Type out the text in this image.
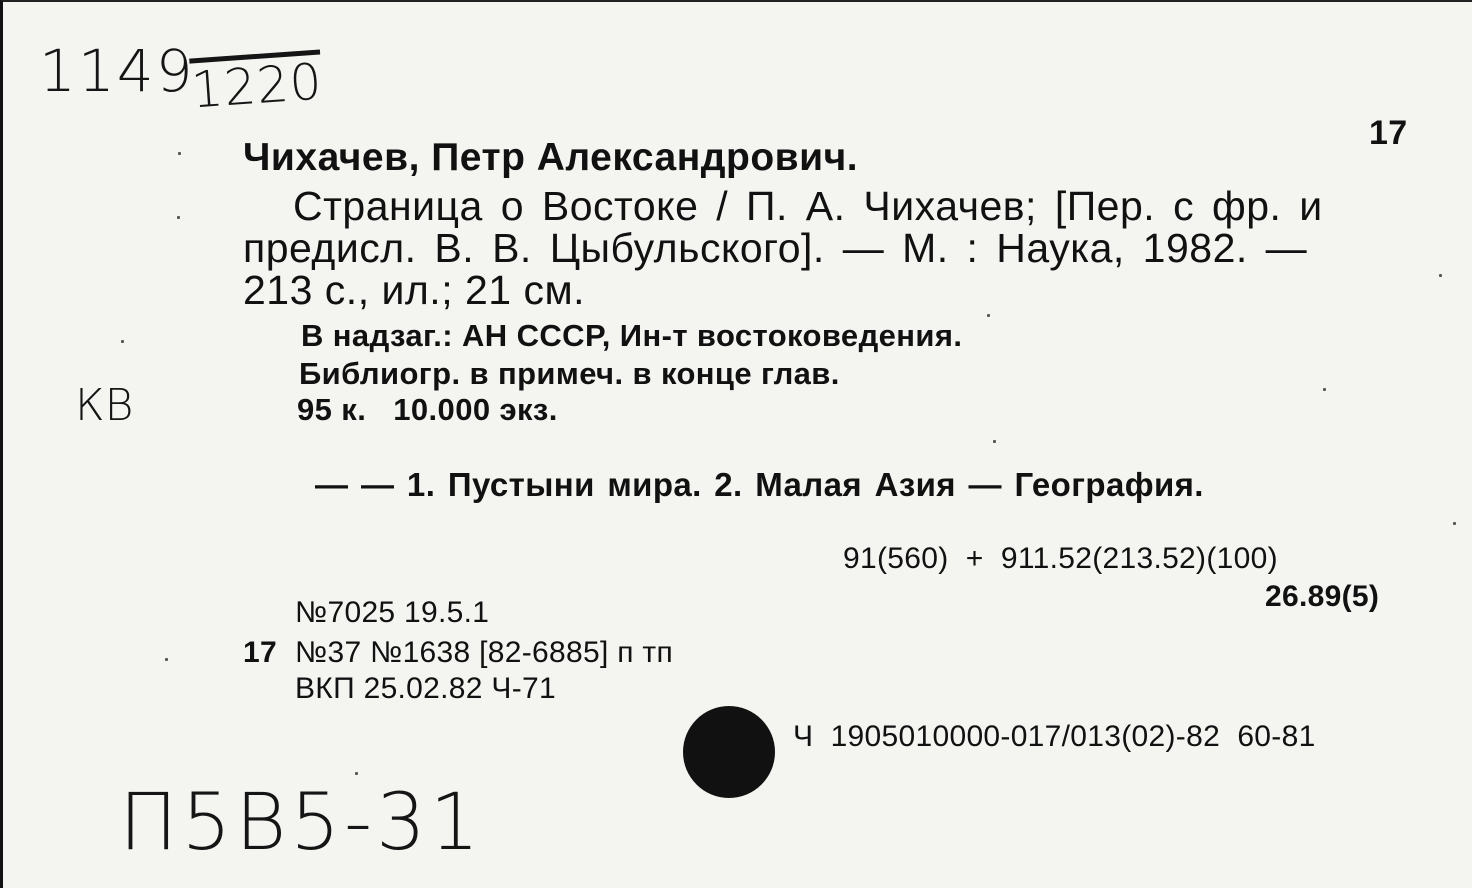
1149
1220
КВ
П5В5-31
17
Чихачев, Петр Александрович.
Страница о Востоке / П. А. Чихачев; [Пер. с фр. и
предисл. В. В. Цыбульского]. — М. : Наука, 1982. —
213 с., ил.; 21 см.
В надзаг.: АН СССР, Ин-т востоковедения.
Библиогр. в примеч. в конце глав.
95 к.   10.000 экз.
— — 1. Пустыни мира. 2. Малая Азия — География.
91(560)  +  911.52(213.52)(100)
26.89(5)
№7025 19.5.1
17 №37 №1638 [82-6885] п тп
ВКП 25.02.82 Ч-71
Ч  1905010000-017/013(02)-82  60-81
